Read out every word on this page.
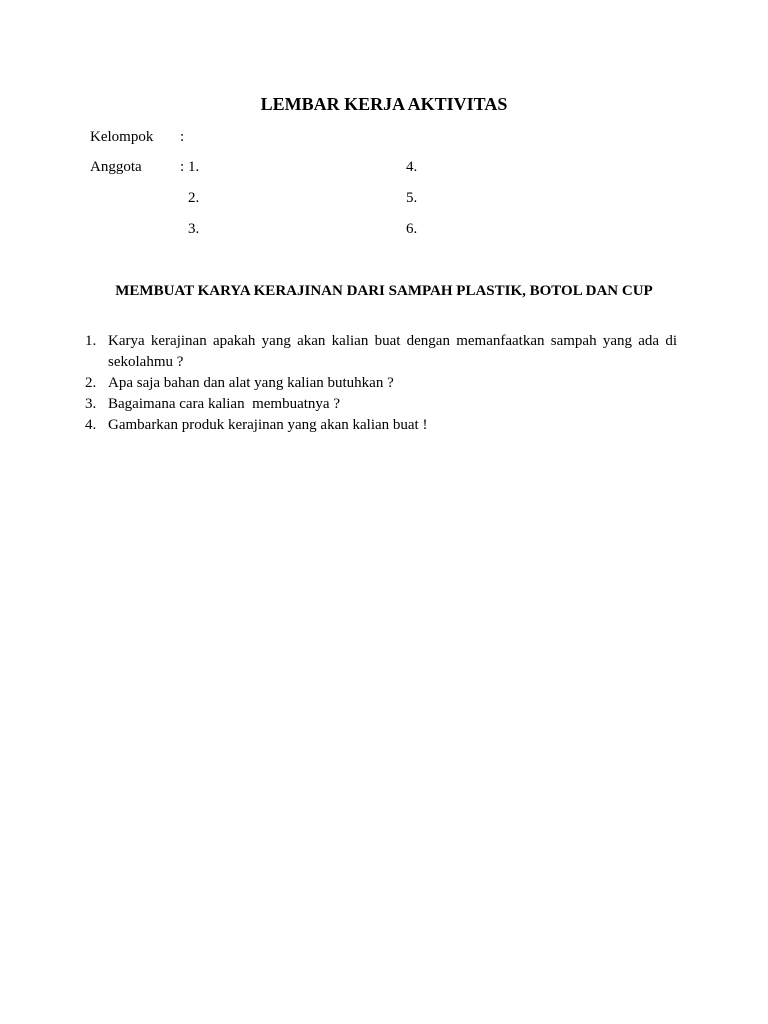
LEMBAR KERJA AKTIVITAS
Kelompok :
Anggota	: 1.
2.
3.
4.
5.
6.
MEMBUAT KARYA KERAJINAN DARI SAMPAH PLASTIK, BOTOL DAN CUP
1. Karya kerajinan apakah yang akan kalian buat dengan memanfaatkan sampah yang ada di sekolahmu ?
2. Apa saja bahan dan alat yang kalian butuhkan ?
3. Bagaimana cara kalian  membuatnya ?
4. Gambarkan produk kerajinan yang akan kalian buat !
